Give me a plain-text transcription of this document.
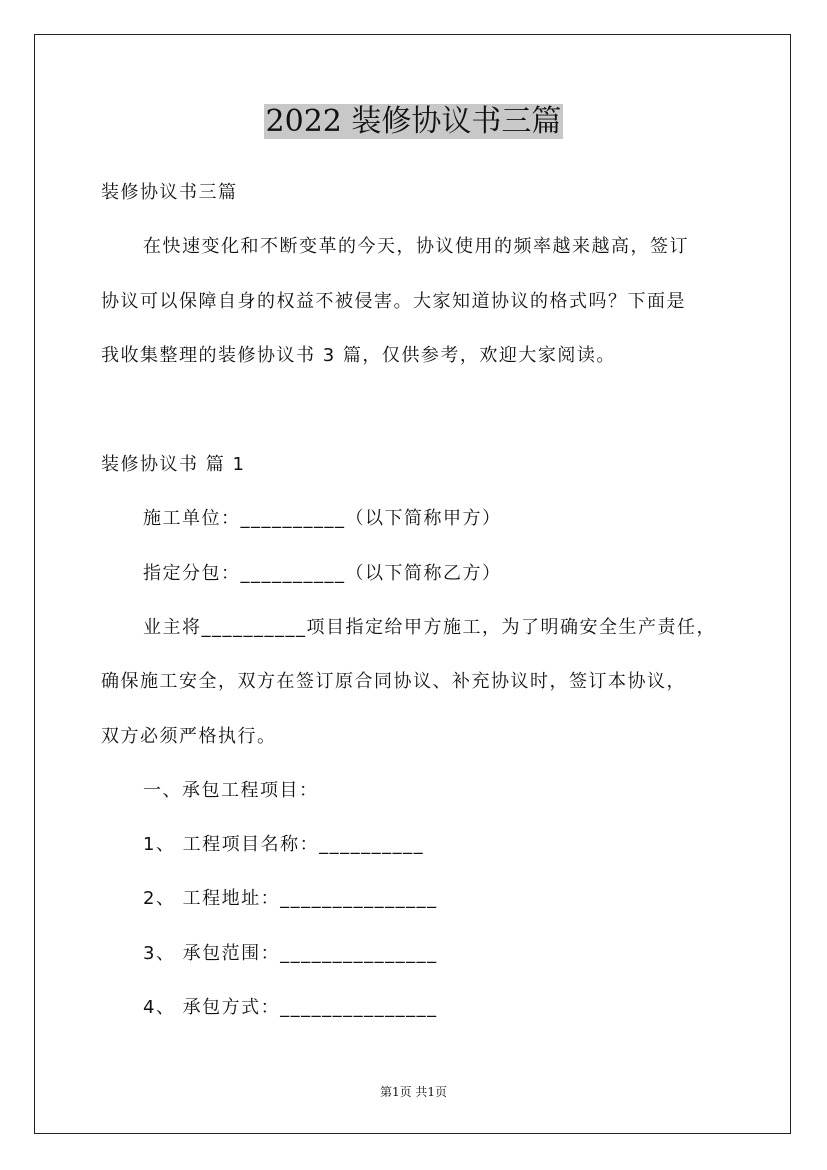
2022 装修协议书三篇
装修协议书三篇
在快速变化和不断变革的今天，协议使用的频率越来越高，签订
协议可以保障自身的权益不被侵害。大家知道协议的格式吗？下面是
我收集整理的装修协议书 3 篇，仅供参考，欢迎大家阅读。
装修协议书 篇 1
施工单位：__________（以下简称甲方）
指定分包：__________（以下简称乙方）
业主将__________项目指定给甲方施工，为了明确安全生产责任，
确保施工安全，双方在签订原合同协议、补充协议时，签订本协议，
双方必须严格执行。
一、承包工程项目：
1、 工程项目名称：__________
2、 工程地址：_______________
3、 承包范围：_______________
4、 承包方式：_______________
第1页 共1页
